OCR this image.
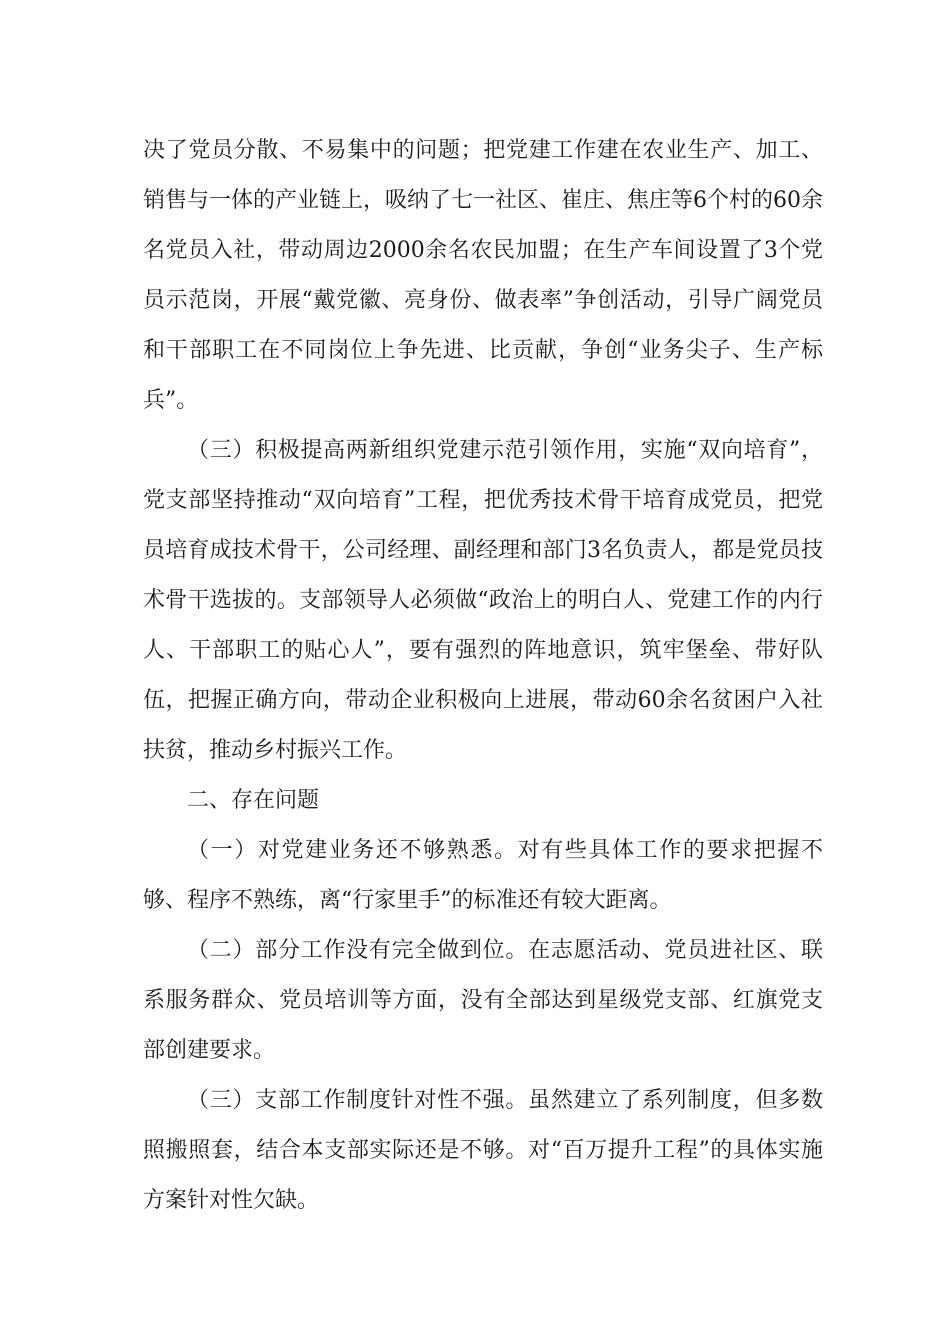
决了党员分散、不易集中的问题；把党建工作建在农业生产、加工、销售与一体的产业链上，吸纳了七一社区、崔庄、焦庄等6个村的60余名党员入社，带动周边2000余名农民加盟；在生产车间设置了3个党员示范岗，开展“戴党徽、亮身份、做表率”争创活动，引导广阔党员和干部职工在不同岗位上争先进、比贡献，争创“业务尖子、生产标兵”。

（三）积极提高两新组织党建示范引领作用，实施“双向培育”，党支部坚持推动“双向培育”工程，把优秀技术骨干培育成党员，把党员培育成技术骨干，公司经理、副经理和部门3名负责人，都是党员技术骨干选拔的。支部领导人必须做“政治上的明白人、党建工作的内行人、干部职工的贴心人”，要有强烈的阵地意识，筑牢堡垒、带好队伍，把握正确方向，带动企业积极向上进展，带动60余名贫困户入社扶贫，推动乡村振兴工作。

二、存在问题

（一）对党建业务还不够熟悉。对有些具体工作的要求把握不够、程序不熟练，离“行家里手”的标准还有较大距离。

（二）部分工作没有完全做到位。在志愿活动、党员进社区、联系服务群众、党员培训等方面，没有全部达到星级党支部、红旗党支部创建要求。

（三）支部工作制度针对性不强。虽然建立了系列制度，但多数照搬照套，结合本支部实际还是不够。对“百万提升工程”的具体实施方案针对性欠缺。
